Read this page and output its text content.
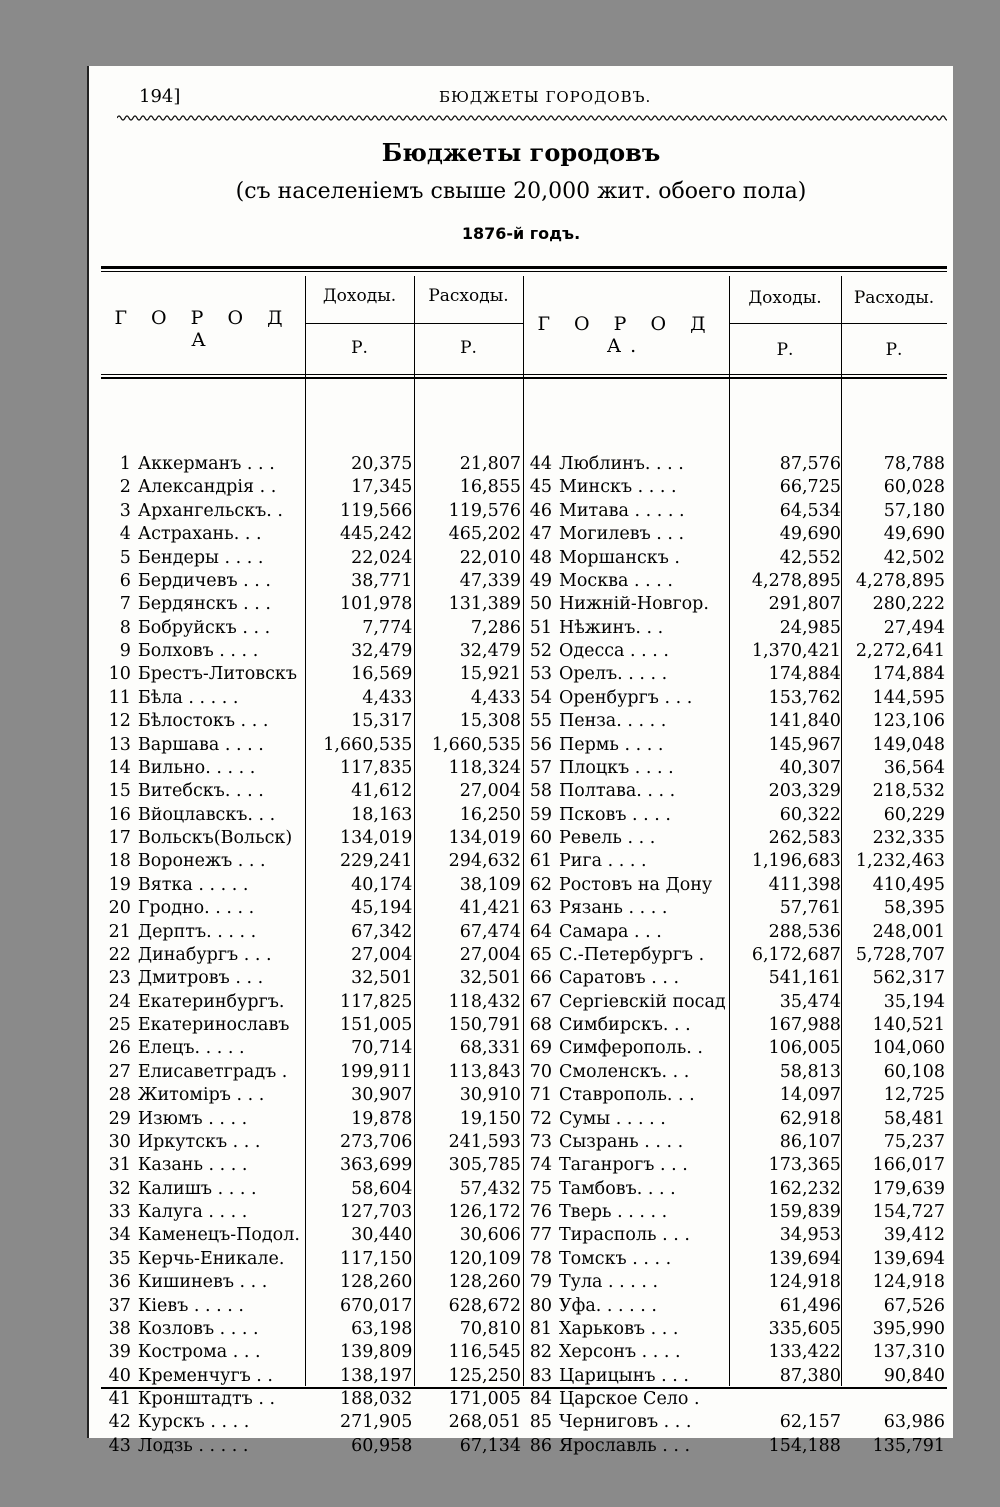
194]	БЮДЖЕТЫ ГОРОДОВЪ.
Бюджеты городовъ
(съ населеніемъ свыше 20,000 жит. обоего пола)
1876-й годъ.
Г О Р О Д А
Доходы.	Расходы.
Р.	Р.
Г О Р О Д А.
Доходы.	Расходы.
Р.	Р.
1	Аккерманъ . . .	20,375	21,807
2	Александрія . .	17,345	16,855
3	Архангельскъ. .	119,566	119,576
4	Астрахань. . .	445,242	465,202
5	Бендеры . . . .	22,024	22,010
6	Бердичевъ . . .	38,771	47,339
7	Бердянскъ . . .	101,978	131,389
8	Бобруйскъ . . .	7,774	7,286
9	Болховъ . . . .	32,479	32,479
10	Брестъ-Литовскъ	16,569	15,921
11	Бѣла . . . . .	4,433	4,433
12	Бѣлостокъ . . .	15,317	15,308
13	Варшава . . . .	1,660,535	1,660,535
14	Вильно. . . . .	117,835	118,324
15	Витебскъ. . . .	41,612	27,004
16	Вйоцлавскъ. . .	18,163	16,250
17	Вольскъ(Вольск)	134,019	134,019
18	Воронежъ . . .	229,241	294,632
19	Вятка . . . . .	40,174	38,109
20	Гродно. . . . .	45,194	41,421
21	Дерптъ. . . . .	67,342	67,474
22	Динабургъ . . .	27,004	27,004
23	Дмитровъ . . .	32,501	32,501
24	Екатеринбургъ.	117,825	118,432
25	Екатеринославъ	151,005	150,791
26	Елецъ. . . . .	70,714	68,331
27	Елисаветградъ .	199,911	113,843
28	Житоміръ . . .	30,907	30,910
29	Изюмъ . . . .	19,878	19,150
30	Иркутскъ . . .	273,706	241,593
31	Казань . . . .	363,699	305,785
32	Калишъ . . . .	58,604	57,432
33	Калуга . . . .	127,703	126,172
34	Каменецъ-Подол.	30,440	30,606
35	Керчь-Еникале.	117,150	120,109
36	Кишиневъ . . .	128,260	128,260
37	Кіевъ . . . . .	670,017	628,672
38	Козловъ . . . .	63,198	70,810
39	Кострома . . .	139,809	116,545
40	Кременчугъ . .	138,197	125,250
41	Кронштадтъ . .	188,032	171,005
42	Курскъ . . . .	271,905	268,051
43	Лодзь . . . . .	60,958	67,134
44	Люблинъ. . . .	87,576	78,788
45	Минскъ . . . .	66,725	60,028
46	Митава . . . . .	64,534	57,180
47	Могилевъ . . .	49,690	49,690
48	Моршанскъ .	42,552	42,502
49	Москва . . . .	4,278,895	4,278,895
50	Нижній-Новгор.	291,807	280,222
51	Нѣжинъ. . .	24,985	27,494
52	Одесса . . . .	1,370,421	2,272,641
53	Орелъ. . . . .	174,884	174,884
54	Оренбургъ . . .	153,762	144,595
55	Пенза. . . . .	141,840	123,106
56	Пермь . . . .	145,967	149,048
57	Плоцкъ . . . .	40,307	36,564
58	Полтава. . . .	203,329	218,532
59	Псковъ . . . .	60,322	60,229
60	Ревель . . .	262,583	232,335
61	Рига . . . .	1,196,683	1,232,463
62	Ростовъ на Дону	411,398	410,495
63	Рязань . . . .	57,761	58,395
64	Самара . . .	288,536	248,001
65	С.-Петербургъ .	6,172,687	5,728,707
66	Саратовъ . . .	541,161	562,317
67	Сергіевскій посад	35,474	35,194
68	Симбирскъ. . .	167,988	140,521
69	Симферополь. .	106,005	104,060
70	Смоленскъ. . .	58,813	60,108
71	Ставрополь. . .	14,097	12,725
72	Сумы . . . . .	62,918	58,481
73	Сызрань . . . .	86,107	75,237
74	Таганрогъ . . .	173,365	166,017
75	Тамбовъ. . . .	162,232	179,639
76	Тверь . . . . .	159,839	154,727
77	Тирасполь . . .	34,953	39,412
78	Томскъ . . . .	139,694	139,694
79	Тула . . . . .	124,918	124,918
80	Уфа. . . . . .	61,496	67,526
81	Харьковъ . . .	335,605	395,990
82	Херсонъ . . . .	133,422	137,310
83	Царицынъ . . .	87,380	90,840
84	Царское Село .		
85	Черниговъ . . .	62,157	63,986
86	Ярославль . . .	154,188	135,791
